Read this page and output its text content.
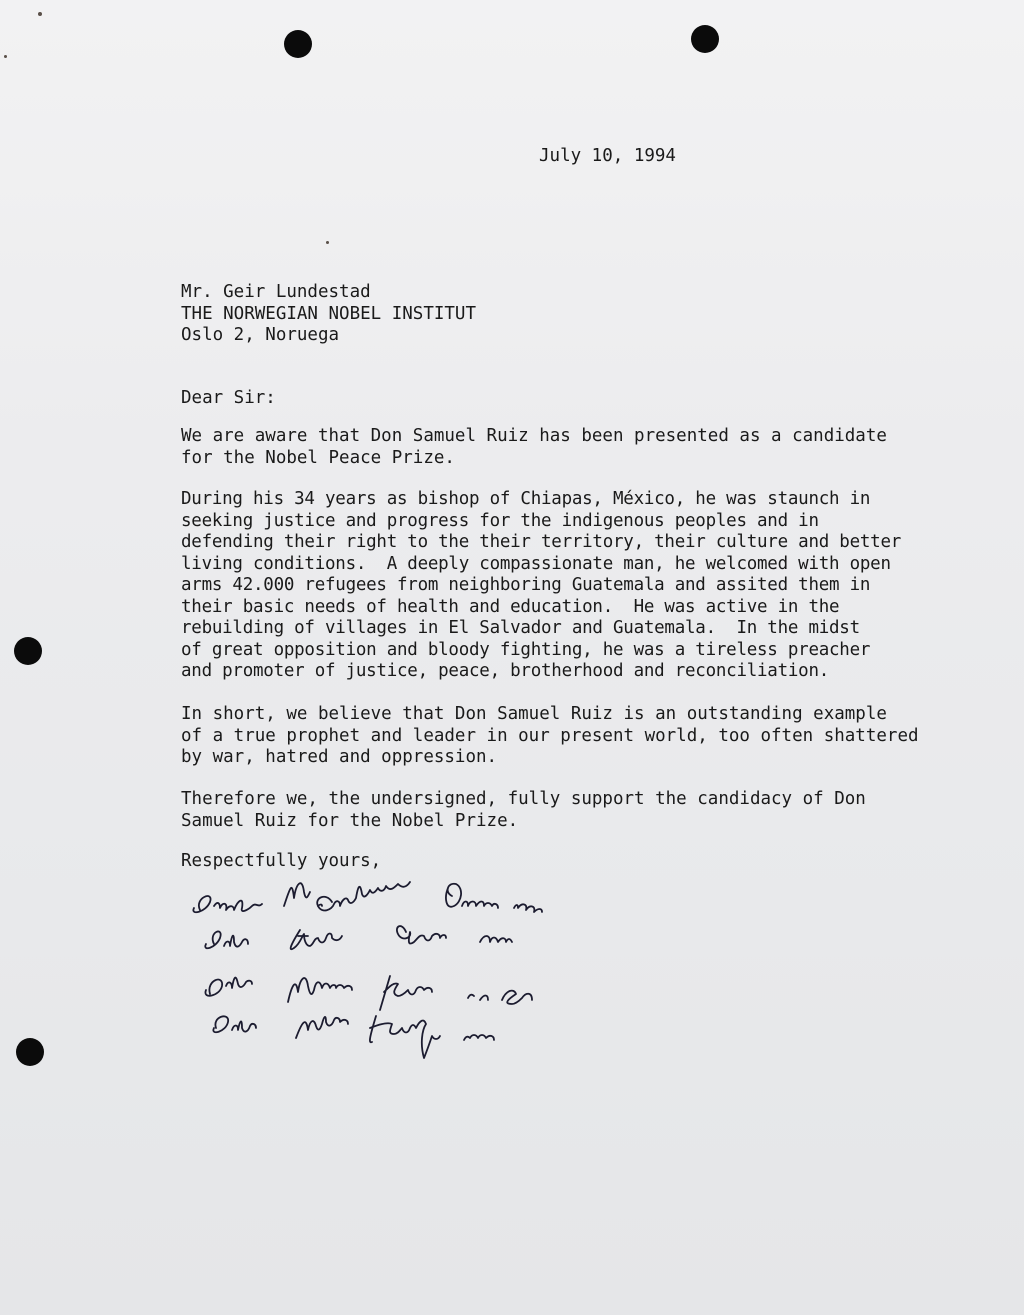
July 10, 1994

Mr. Geir Lundestad
THE NORWEGIAN NOBEL INSTITUT
Oslo 2, Noruega

Dear Sir:

We are aware that Don Samuel Ruiz has been presented as a candidate
for the Nobel Peace Prize.

During his 34 years as bishop of Chiapas, México, he was staunch in
seeking justice and progress for the indigenous peoples and in
defending their right to the their territory, their culture and better
living conditions.  A deeply compassionate man, he welcomed with open
arms 42.000 refugees from neighboring Guatemala and assited them in
their basic needs of health and education.  He was active in the
rebuilding of villages in El Salvador and Guatemala.  In the midst
of great opposition and bloody fighting, he was a tireless preacher
and promoter of justice, peace, brotherhood and reconciliation.

In short, we believe that Don Samuel Ruiz is an outstanding example
of a true prophet and leader in our present world, too often shattered
by war, hatred and oppression.

Therefore we, the undersigned, fully support the candidacy of Don
Samuel Ruiz for the Nobel Prize.

Respectfully yours,
